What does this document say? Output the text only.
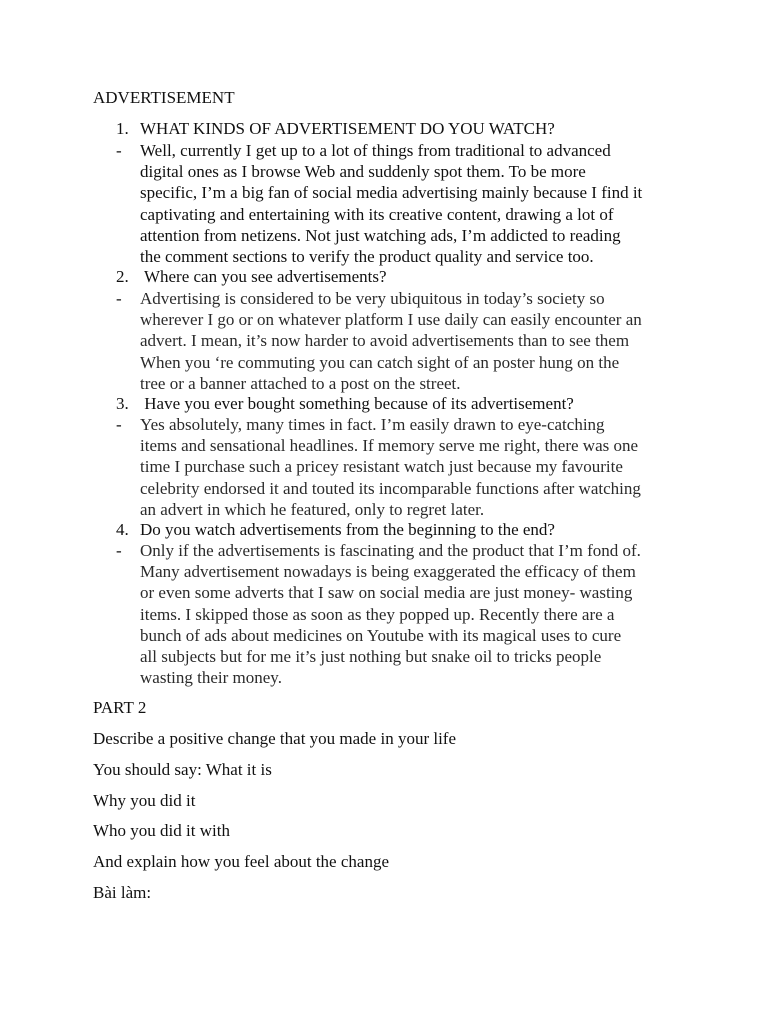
ADVERTISEMENT
1. WHAT KINDS OF ADVERTISEMENT DO YOU WATCH?
- Well, currently I get up to a lot of things from traditional to advanced
digital ones as I browse Web and suddenly spot them. To be more
specific, I’m a big fan of social media advertising mainly because I find it
captivating and entertaining with its creative content, drawing a lot of
attention from netizens. Not just watching ads, I’m addicted to reading
the comment sections to verify the product quality and service too.
2. Where can you see advertisements?
- Advertising is considered to be very ubiquitous in today’s society so
wherever I go or on whatever platform I use daily can easily encounter an
advert. I mean, it’s now harder to avoid advertisements than to see them
When you ‘re commuting you can catch sight of an poster hung on the
tree or a banner attached to a post on the street.
3. Have you ever bought something because of its advertisement?
- Yes absolutely, many times in fact. I’m easily drawn to eye-catching
items and sensational headlines. If memory serve me right, there was one
time I purchase such a pricey resistant watch just because my favourite
celebrity endorsed it and touted its incomparable functions after watching
an advert in which he featured, only to regret later.
4. Do you watch advertisements from the beginning to the end?
- Only if the advertisements is fascinating and the product that I’m fond of.
Many advertisement nowadays is being exaggerated the efficacy of them
or even some adverts that I saw on social media are just money- wasting
items. I skipped those as soon as they popped up. Recently there are a
bunch of ads about medicines on Youtube with its magical uses to cure
all subjects but for me it’s just nothing but snake oil to tricks people
wasting their money.
PART 2
Describe a positive change that you made in your life
You should say: What it is
Why you did it
Who you did it with
And explain how you feel about the change
Bài làm:
